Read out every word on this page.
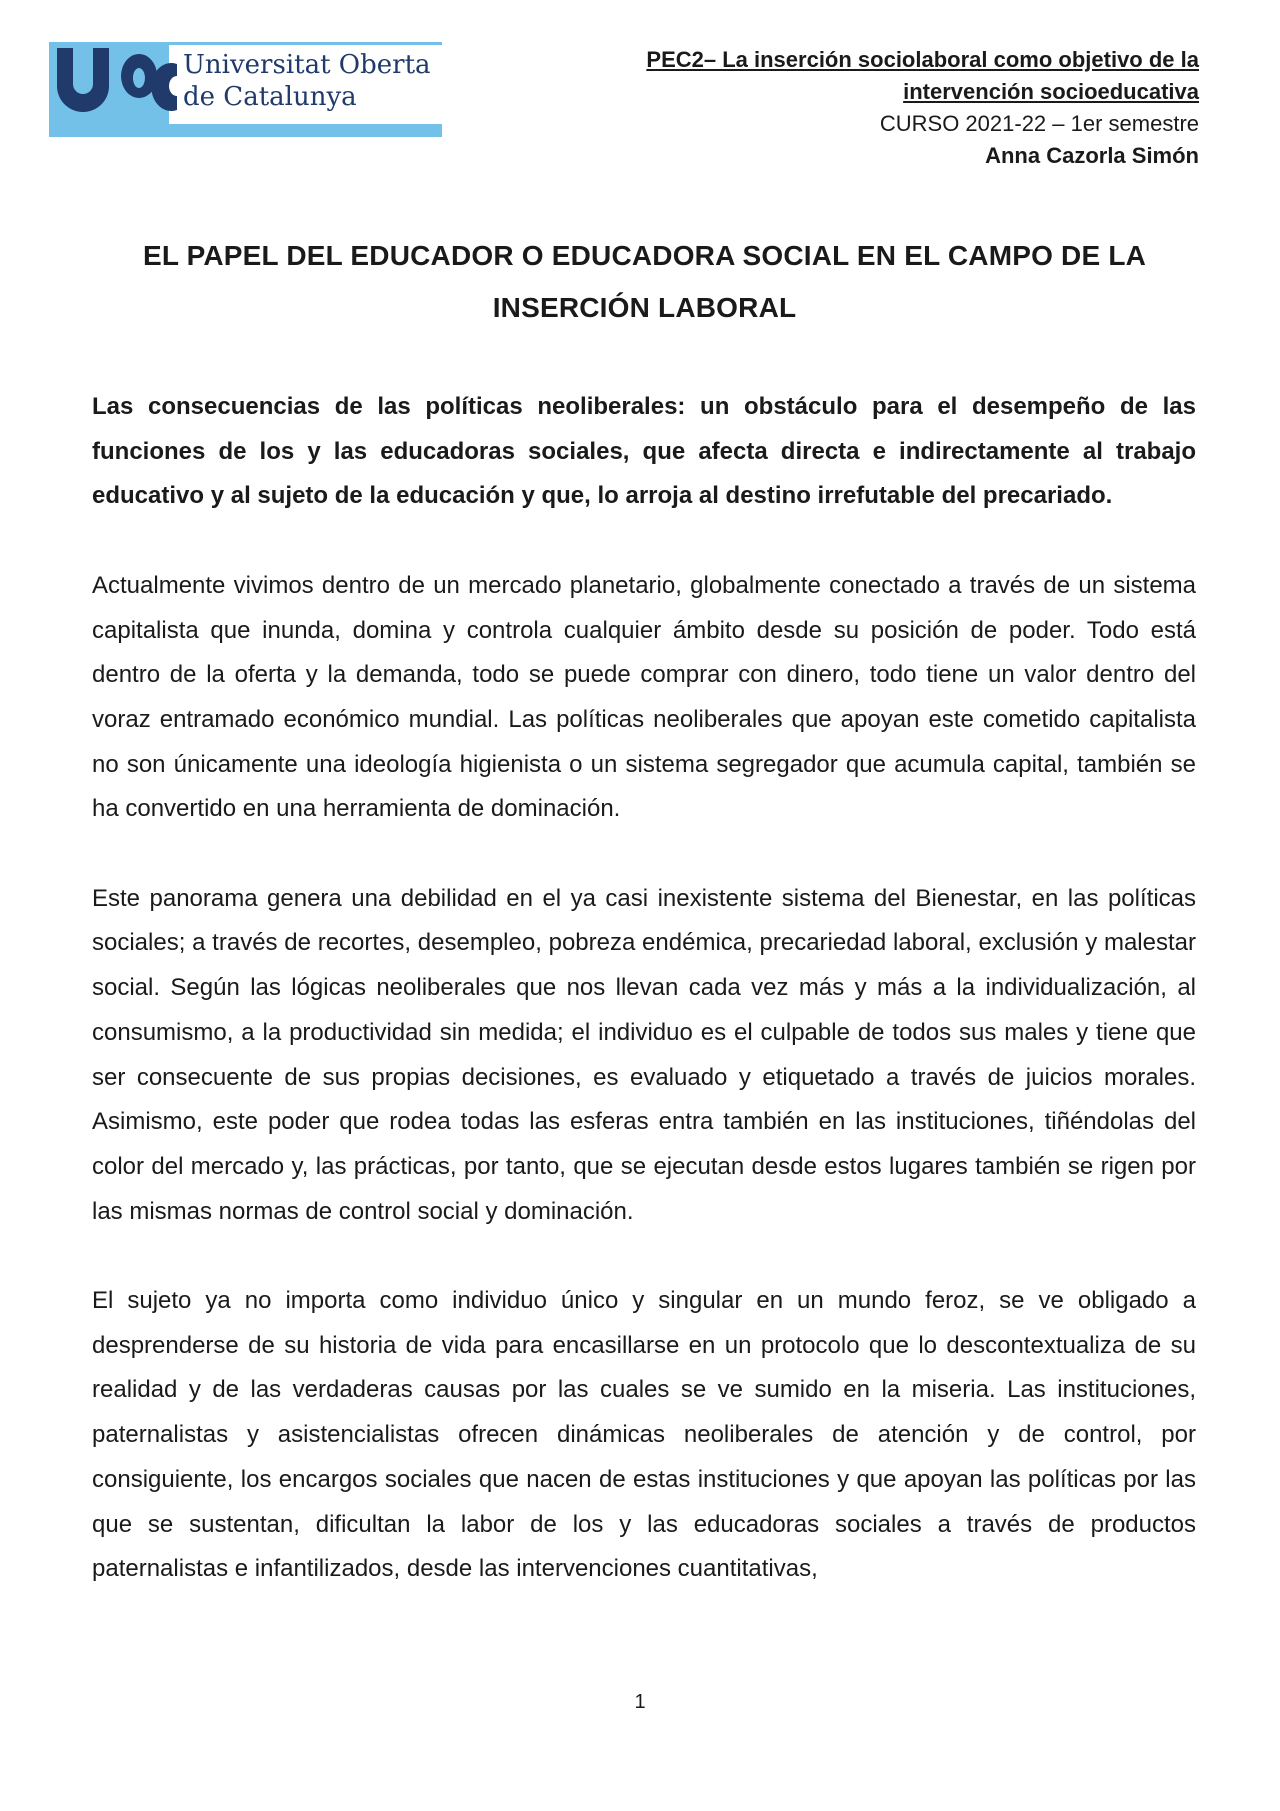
Universitat Oberta
de Catalunya
PEC2– La inserción sociolaboral como objetivo de la
intervención socioeducativa
CURSO 2021-22 – 1er semestre
Anna Cazorla Simón
EL PAPEL DEL EDUCADOR O EDUCADORA SOCIAL EN EL CAMPO DE LA
INSERCIÓN LABORAL

Las consecuencias de las políticas neoliberales: un obstáculo para el desempeño de las funciones de los y las educadoras sociales, que afecta directa e indirectamente al trabajo educativo y al sujeto de la educación y que, lo arroja al destino irrefutable del precariado.

Actualmente vivimos dentro de un mercado planetario, globalmente conectado a través de un sistema capitalista que inunda, domina y controla cualquier ámbito desde su posición de poder. Todo está dentro de la oferta y la demanda, todo se puede comprar con dinero, todo tiene un valor dentro del voraz entramado económico mundial. Las políticas neoliberales que apoyan este cometido capitalista no son únicamente una ideología higienista o un sistema segregador que acumula capital, también se ha convertido en una herramienta de dominación.

Este panorama genera una debilidad en el ya casi inexistente sistema del Bienestar, en las políticas sociales; a través de recortes, desempleo, pobreza endémica, precariedad laboral, exclusión y malestar social. Según las lógicas neoliberales que nos llevan cada vez más y más a la individualización, al consumismo, a la productividad sin medida; el individuo es el culpable de todos sus males y tiene que ser consecuente de sus propias decisiones, es evaluado y etiquetado a través de juicios morales. Asimismo, este poder que rodea todas las esferas entra también en las instituciones, tiñéndolas del color del mercado y, las prácticas, por tanto, que se ejecutan desde estos lugares también se rigen por las mismas normas de control social y dominación.

El sujeto ya no importa como individuo único y singular en un mundo feroz, se ve obligado a desprenderse de su historia de vida para encasillarse en un protocolo que lo descontextualiza de su realidad y de las verdaderas causas por las cuales se ve sumido en la miseria. Las instituciones, paternalistas y asistencialistas ofrecen dinámicas neoliberales de atención y de control, por consiguiente, los encargos sociales que nacen de estas instituciones y que apoyan las políticas por las que se sustentan, dificultan la labor de los y las educadoras sociales a través de productos paternalistas e infantilizados, desde las intervenciones cuantitativas,

1
